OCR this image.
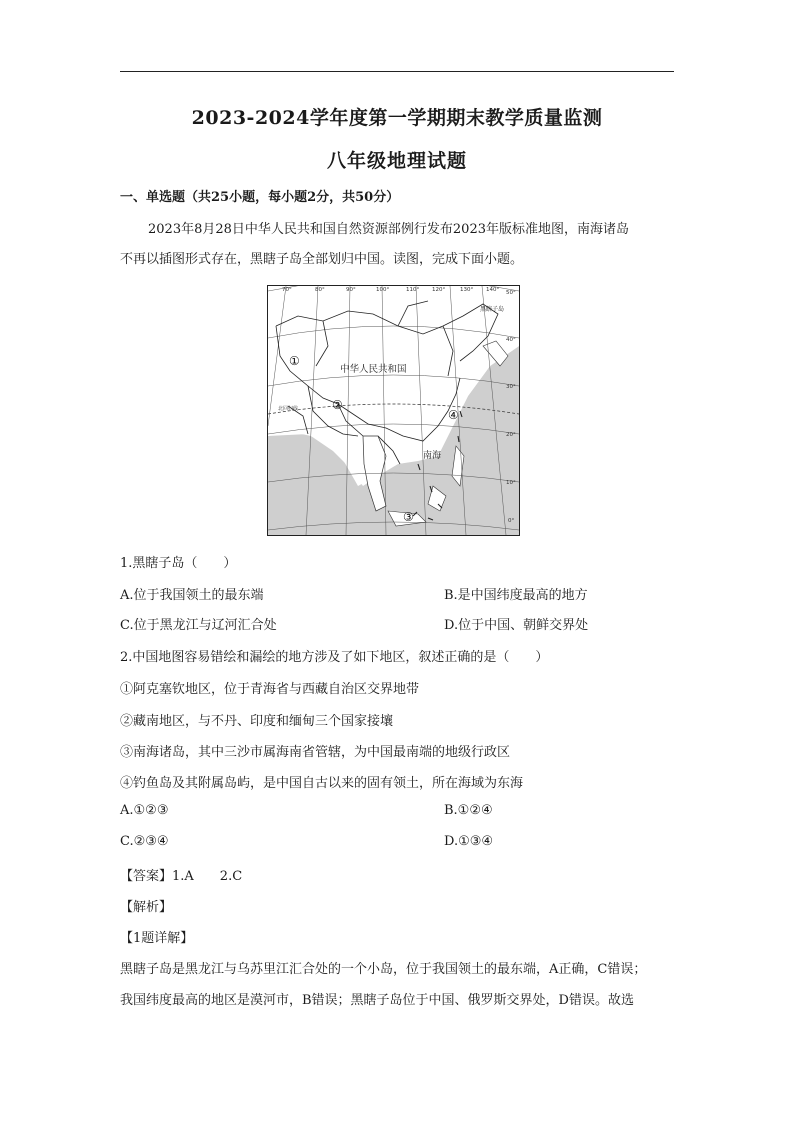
2023-2024学年度第一学期期末教学质量监测
八年级地理试题
一、单选题（共25小题，每小题2分，共50分）
2023年8月28日中华人民共和国自然资源部例行发布2023年版标准地图，南海诸岛
不再以插图形式存在，黑瞎子岛全部划归中国。读图，完成下面小题。
70°	80°	90°	100°	110° 120°	130° 140° 50°
40°
30°
20°
10°
0°
中华人民共和国
南海
黑瞎子岛
北回归线
①
②
③
④
1.黑瞎子岛（　　）
A.位于我国领土的最东端	B.是中国纬度最高的地方
C.位于黑龙江与辽河汇合处	D.位于中国、朝鲜交界处
2.中国地图容易错绘和漏绘的地方涉及了如下地区，叙述正确的是（　　）
①阿克塞钦地区，位于青海省与西藏自治区交界地带
②藏南地区，与不丹、印度和缅甸三个国家接壤
③南海诸岛，其中三沙市属海南省管辖，为中国最南端的地级行政区
④钓鱼岛及其附属岛屿，是中国自古以来的固有领土，所在海域为东海
A.①②③	B.①②④
C.②③④	D.①③④
【答案】1.A　　2.C
【解析】
【1题详解】
黑瞎子岛是黑龙江与乌苏里江汇合处的一个小岛，位于我国领土的最东端，A正确，C错误；
我国纬度最高的地区是漠河市，B错误；黑瞎子岛位于中国、俄罗斯交界处，D错误。故选
